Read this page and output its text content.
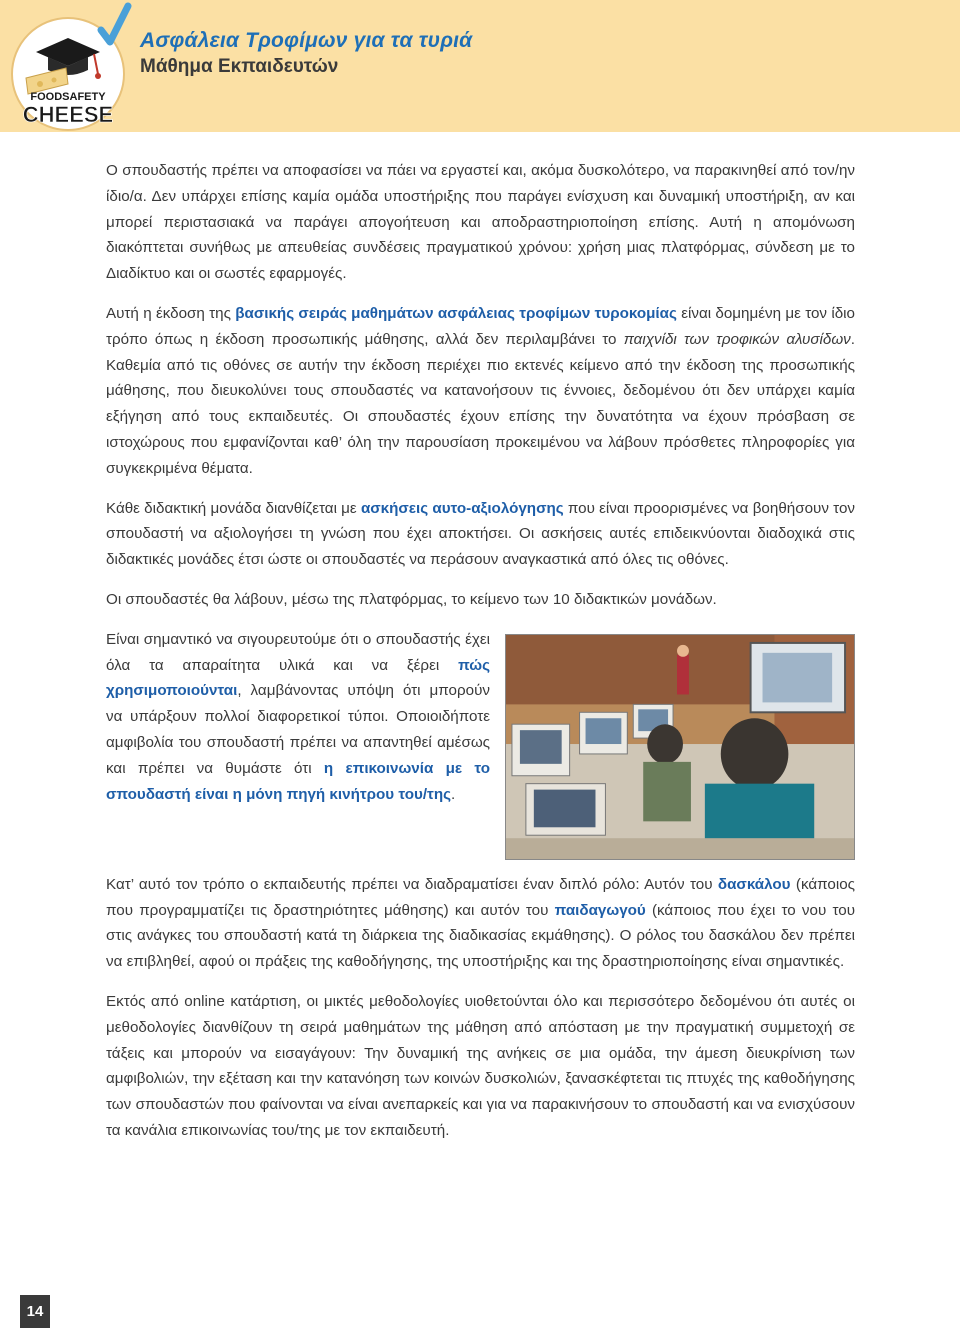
FOODSAFETY
CHEESE
Ασφάλεια Τροφίμων για τα τυριά
Μάθημα Εκπαιδευτών

Ο σπουδαστής πρέπει να αποφασίσει να πάει να εργαστεί και, ακόμα δυσκολότερο, να παρακινηθεί από τον/ην ίδιο/α. Δεν υπάρχει επίσης καμία ομάδα υποστήριξης που παράγει ενίσχυση και δυναμική υποστήριξη, αν και μπορεί περιστασιακά να παράγει απογοήτευση και αποδραστηριοποίηση επίσης. Αυτή η απομόνωση διακόπτεται συνήθως με απευθείας συνδέσεις πραγματικού χρόνου: χρήση μιας πλατφόρμας, σύνδεση με το Διαδίκτυο και οι σωστές εφαρμογές.

Αυτή η έκδοση της βασικής σειράς μαθημάτων ασφάλειας τροφίμων τυροκομίας είναι δομημένη με τον ίδιο τρόπο όπως η έκδοση προσωπικής μάθησης, αλλά δεν περιλαμβάνει το παιχνίδι των τροφικών αλυσίδων. Καθεμία από τις οθόνες σε αυτήν την έκδοση περιέχει πιο εκτενές κείμενο από την έκδοση της προσωπικής μάθησης, που διευκολύνει τους σπουδαστές να κατανοήσουν τις έννοιες, δεδομένου ότι δεν υπάρχει καμία εξήγηση από τους εκπαιδευτές. Οι σπουδαστές έχουν επίσης την δυνατότητα να έχουν πρόσβαση σε ιστοχώρους που εμφανίζονται καθ’ όλη την παρουσίαση προκειμένου να λάβουν πρόσθετες πληροφορίες για συγκεκριμένα θέματα.

Κάθε διδακτική μονάδα διανθίζεται με ασκήσεις αυτο-αξιολόγησης που είναι προορισμένες να βοηθήσουν τον σπουδαστή να αξιολογήσει τη γνώση που έχει αποκτήσει. Οι ασκήσεις αυτές επιδεικνύονται διαδοχικά στις διδακτικές μονάδες έτσι ώστε οι σπουδαστές να περάσουν αναγκαστικά από όλες τις οθόνες.

Οι σπουδαστές θα λάβουν, μέσω της πλατφόρμας, το κείμενο των 10 διδακτικών μονάδων.

Είναι σημαντικό να σιγουρευτούμε ότι ο σπουδαστής έχει όλα τα απαραίτητα υλικά και να ξέρει πώς χρησιμοποιούνται, λαμβάνοντας υπόψη ότι μπορούν να υπάρξουν πολλοί διαφορετικοί τύποι. Οποιοιδήποτε αμφιβολία του σπουδαστή πρέπει να απαντηθεί αμέσως και πρέπει να θυμάστε ότι η επικοινωνία με το σπουδαστή είναι η μόνη πηγή κινήτρου του/της.

Κατ’ αυτό τον τρόπο ο εκπαιδευτής πρέπει να διαδραματίσει έναν διπλό ρόλο: Αυτόν του δασκάλου (κάποιος που προγραμματίζει τις δραστηριότητες μάθησης) και αυτόν του παιδαγωγού (κάποιος που έχει το νου του στις ανάγκες του σπουδαστή κατά τη διάρκεια της διαδικασίας εκμάθησης). Ο ρόλος του δασκάλου δεν πρέπει να επιβληθεί, αφού οι πράξεις της καθοδήγησης, της υποστήριξης και της δραστηριοποίησης είναι σημαντικές.

Εκτός από online κατάρτιση, οι μικτές μεθοδολογίες υιοθετούνται όλο και περισσότερο δεδομένου ότι αυτές οι μεθοδολογίες διανθίζουν τη σειρά μαθημάτων της μάθηση από απόσταση με την πραγματική συμμετοχή σε τάξεις και μπορούν να εισαγάγουν: Την δυναμική της ανήκεις σε μια ομάδα, την άμεση διευκρίνιση των αμφιβολιών, την εξέταση και την κατανόηση των κοινών δυσκολιών, ξανασκέφτεται τις πτυχές της καθοδήγησης των σπουδαστών που φαίνονται να είναι ανεπαρκείς και για να παρακινήσουν το σπουδαστή και να ενισχύσουν τα κανάλια επικοινωνίας του/της με τον εκπαιδευτή.

14
